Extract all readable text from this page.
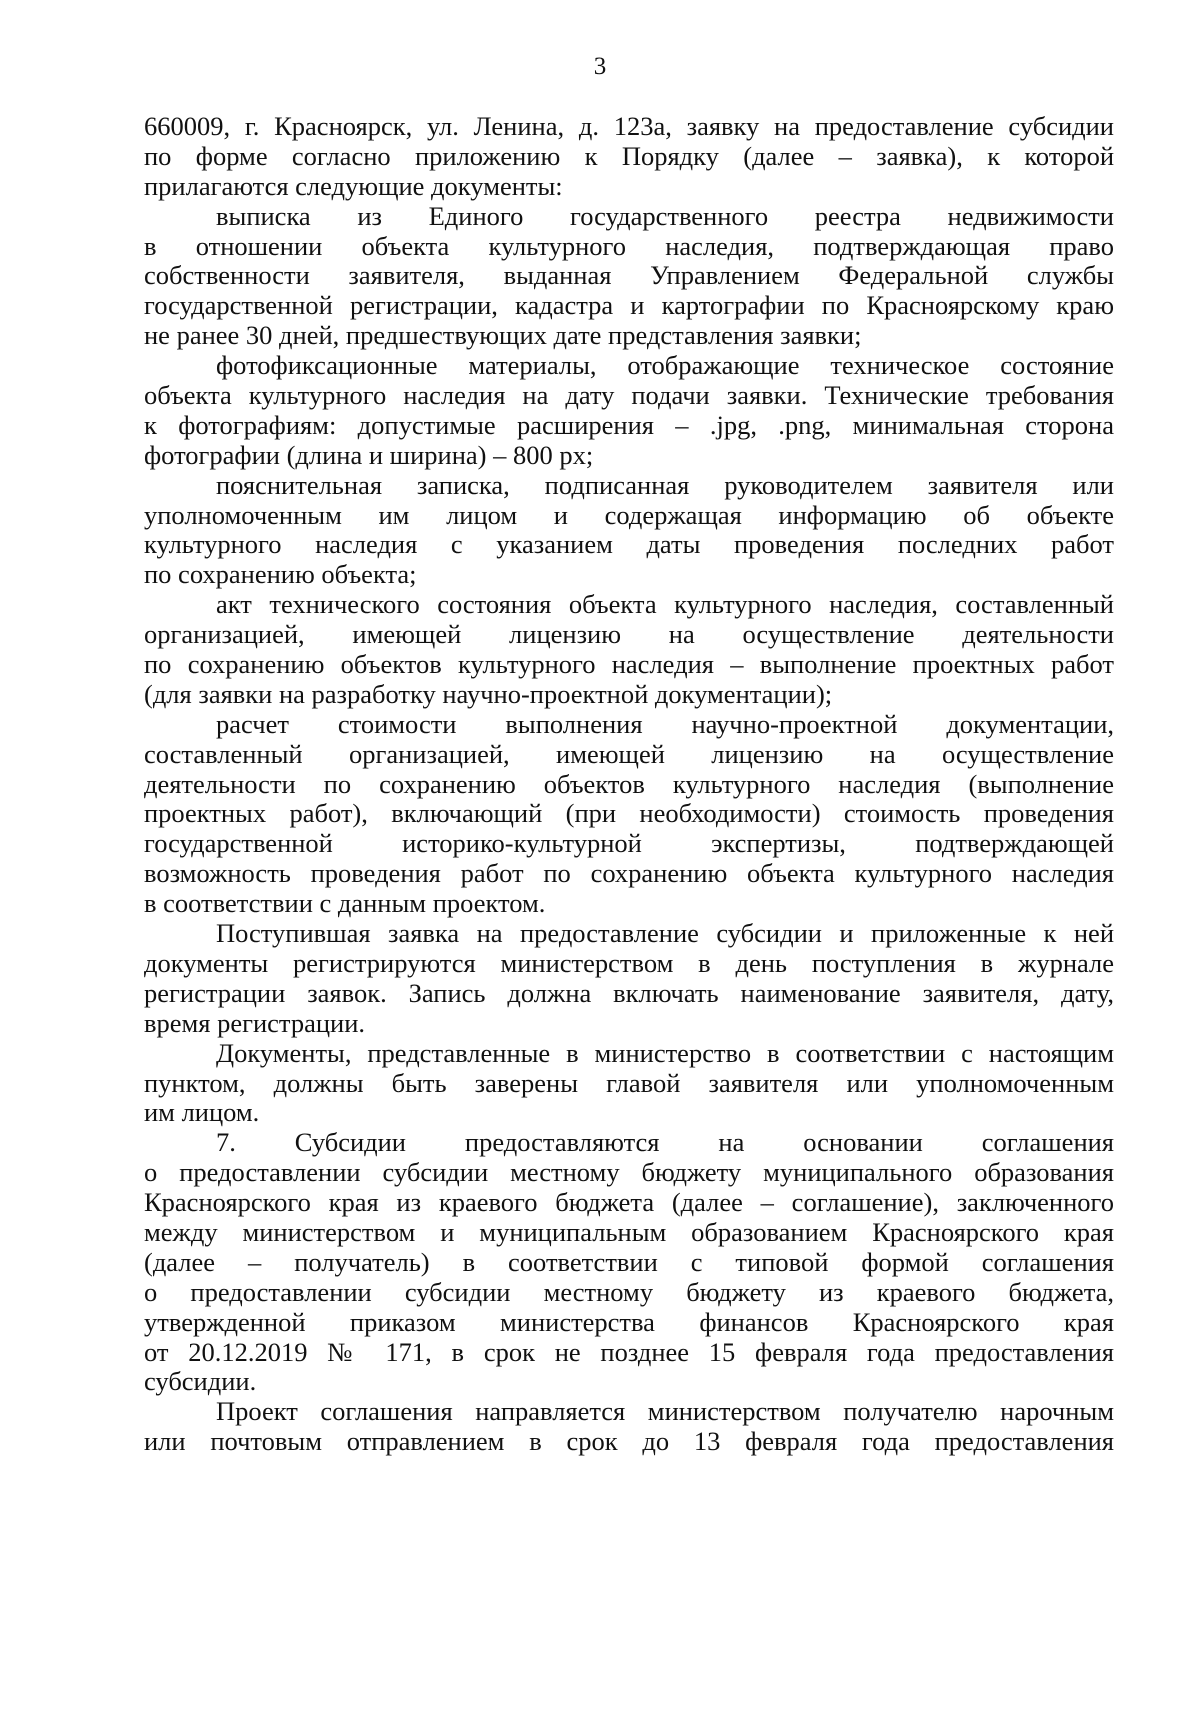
3
660009, г. Красноярск, ул. Ленина, д. 123а, заявку на предоставление субсидии
по форме согласно приложению к Порядку (далее – заявка), к которой
прилагаются следующие документы:
выписка из Единого государственного реестра недвижимости
в отношении объекта культурного наследия, подтверждающая право
собственности заявителя, выданная Управлением Федеральной службы
государственной регистрации, кадастра и картографии по Красноярскому краю
не ранее 30 дней, предшествующих дате представления заявки;
фотофиксационные материалы, отображающие техническое состояние
объекта культурного наследия на дату подачи заявки. Технические требования
к фотографиям: допустимые расширения – .jpg, .png, минимальная сторона
фотографии (длина и ширина) – 800 px;
пояснительная записка, подписанная руководителем заявителя или
уполномоченным им лицом и содержащая информацию об объекте
культурного наследия с указанием даты проведения последних работ
по сохранению объекта;
акт технического состояния объекта культурного наследия, составленный
организацией, имеющей лицензию на осуществление деятельности
по сохранению объектов культурного наследия – выполнение проектных работ
(для заявки на разработку научно-проектной документации);
расчет стоимости выполнения научно-проектной документации,
составленный организацией, имеющей лицензию на осуществление
деятельности по сохранению объектов культурного наследия (выполнение
проектных работ), включающий (при необходимости) стоимость проведения
государственной историко-культурной экспертизы, подтверждающей
возможность проведения работ по сохранению объекта культурного наследия
в соответствии с данным проектом.
Поступившая заявка на предоставление субсидии и приложенные к ней
документы регистрируются министерством в день поступления в журнале
регистрации заявок. Запись должна включать наименование заявителя, дату,
время регистрации.
Документы, представленные в министерство в соответствии с настоящим
пунктом, должны быть заверены главой заявителя или уполномоченным
им лицом.
7. Субсидии предоставляются на основании соглашения
о предоставлении субсидии местному бюджету муниципального образования
Красноярского края из краевого бюджета (далее – соглашение), заключенного
между министерством и муниципальным образованием Красноярского края
(далее – получатель) в соответствии с типовой формой соглашения
о предоставлении субсидии местному бюджету из краевого бюджета,
утвержденной приказом министерства финансов Красноярского края
от 20.12.2019 № 171, в срок не позднее 15 февраля года предоставления
субсидии.
Проект соглашения направляется министерством получателю нарочным
или почтовым отправлением в срок до 13 февраля года предоставления
